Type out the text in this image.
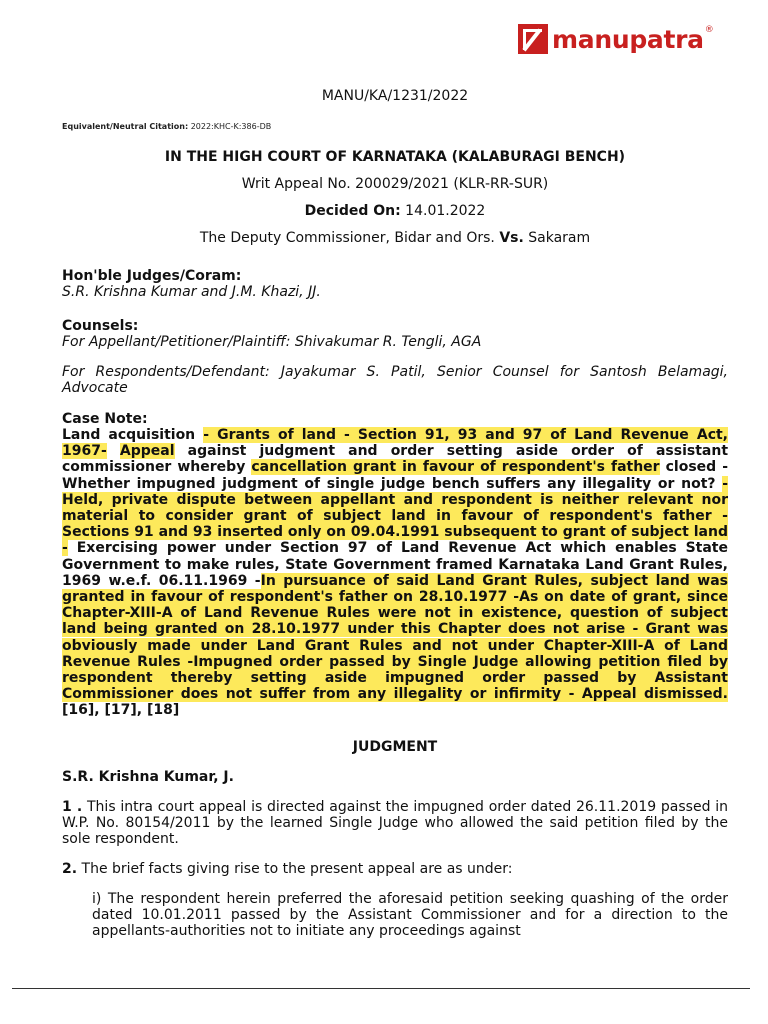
manupatra ®
MANU/KA/1231/2022
Equivalent/Neutral Citation: 2022:KHC-K:386-DB
IN THE HIGH COURT OF KARNATAKA (KALABURAGI BENCH)
Writ Appeal No. 200029/2021 (KLR-RR-SUR)
Decided On: 14.01.2022
The Deputy Commissioner, Bidar and Ors. Vs. Sakaram
Hon'ble Judges/Coram:
S.R. Krishna Kumar and J.M. Khazi, JJ.
Counsels:
For Appellant/Petitioner/Plaintiff: Shivakumar R. Tengli, AGA
For Respondents/Defendant: Jayakumar S. Patil, Senior Counsel for Santosh Belamagi, Advocate
Case Note:
Land acquisition - Grants of land - Section 91, 93 and 97 of Land Revenue Act, 1967- Appeal against judgment and order setting aside order of assistant commissioner whereby cancellation grant in favour of respondent's father closed - Whether impugned judgment of single judge bench suffers any illegality or not? - Held, private dispute between appellant and respondent is neither relevant nor material to consider grant of subject land in favour of respondent's father - Sections 91 and 93 inserted only on 09.04.1991 subsequent to grant of subject land - Exercising power under Section 97 of Land Revenue Act which enables State Government to make rules, State Government framed Karnataka Land Grant Rules, 1969 w.e.f. 06.11.1969 -In pursuance of said Land Grant Rules, subject land was granted in favour of respondent's father on 28.10.1977 -As on date of grant, since Chapter-XIII-A of Land Revenue Rules were not in existence, question of subject land being granted on 28.10.1977 under this Chapter does not arise - Grant was obviously made under Land Grant Rules and not under Chapter-XIII-A of Land Revenue Rules -Impugned order passed by Single Judge allowing petition filed by respondent thereby setting aside impugned order passed by Assistant Commissioner does not suffer from any illegality or infirmity - Appeal dismissed. [16], [17], [18]
JUDGMENT
S.R. Krishna Kumar, J.
1 . This intra court appeal is directed against the impugned order dated 26.11.2019 passed in W.P. No. 80154/2011 by the learned Single Judge who allowed the said petition filed by the sole respondent.
2. The brief facts giving rise to the present appeal are as under:
i) The respondent herein preferred the aforesaid petition seeking quashing of the order dated 10.01.2011 passed by the Assistant Commissioner and for a direction to the appellants-authorities not to initiate any proceedings against
